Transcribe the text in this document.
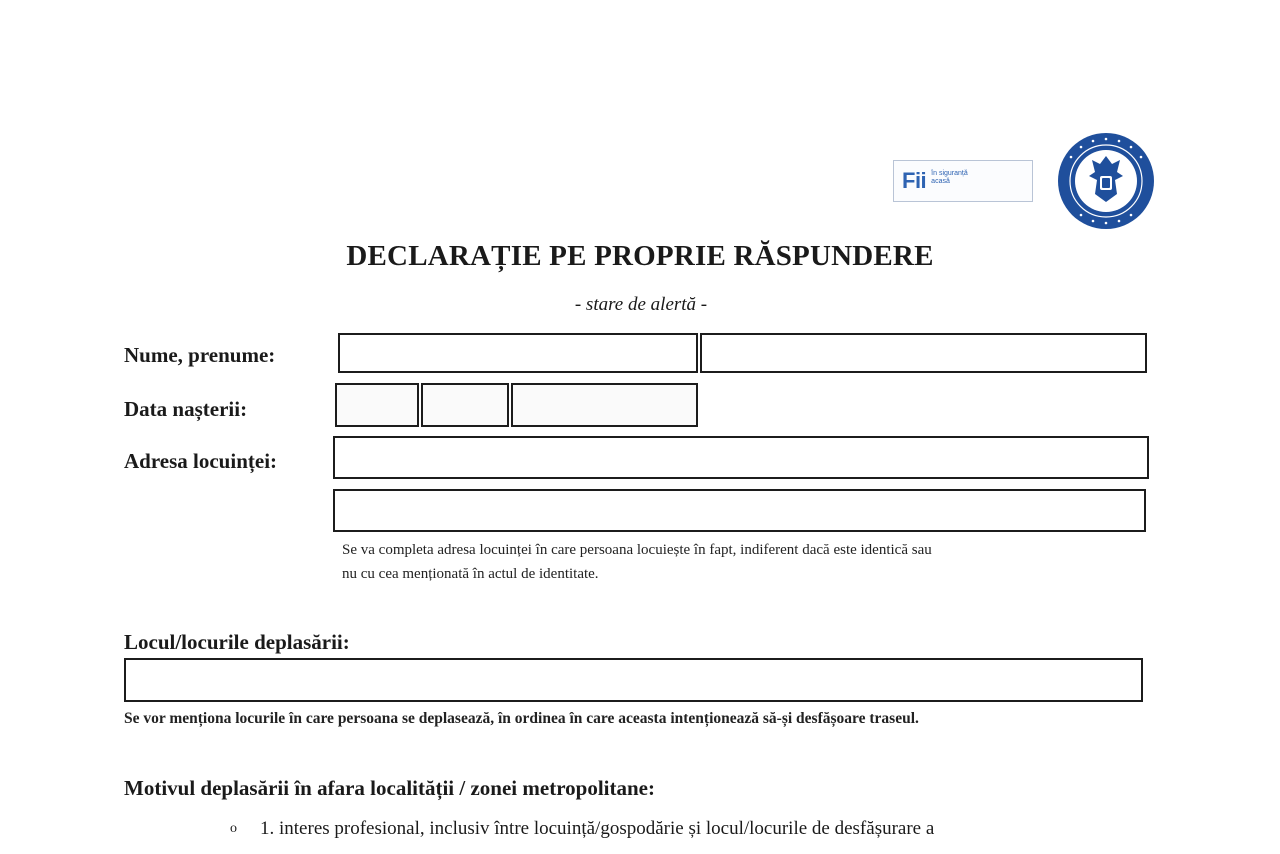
Fii în siguranță
acasă
DECLARAȚIE PE PROPRIE RĂSPUNDERE
- stare de alertă -
Nume, prenume:
Data nașterii:
Adresa locuinței:
Se va completa adresa locuinței în care persoana locuiește în fapt, indiferent dacă este identică sau
nu cu cea menționată în actul de identitate.
Locul/locurile deplasării:
Se vor menționa locurile în care persoana se deplasează, în ordinea în care aceasta intenționează să-și desfășoare traseul.
Motivul deplasării în afara localității / zonei metropolitane:
o 1. interes profesional, inclusiv între locuință/gospodărie și locul/locurile de desfășurare a
